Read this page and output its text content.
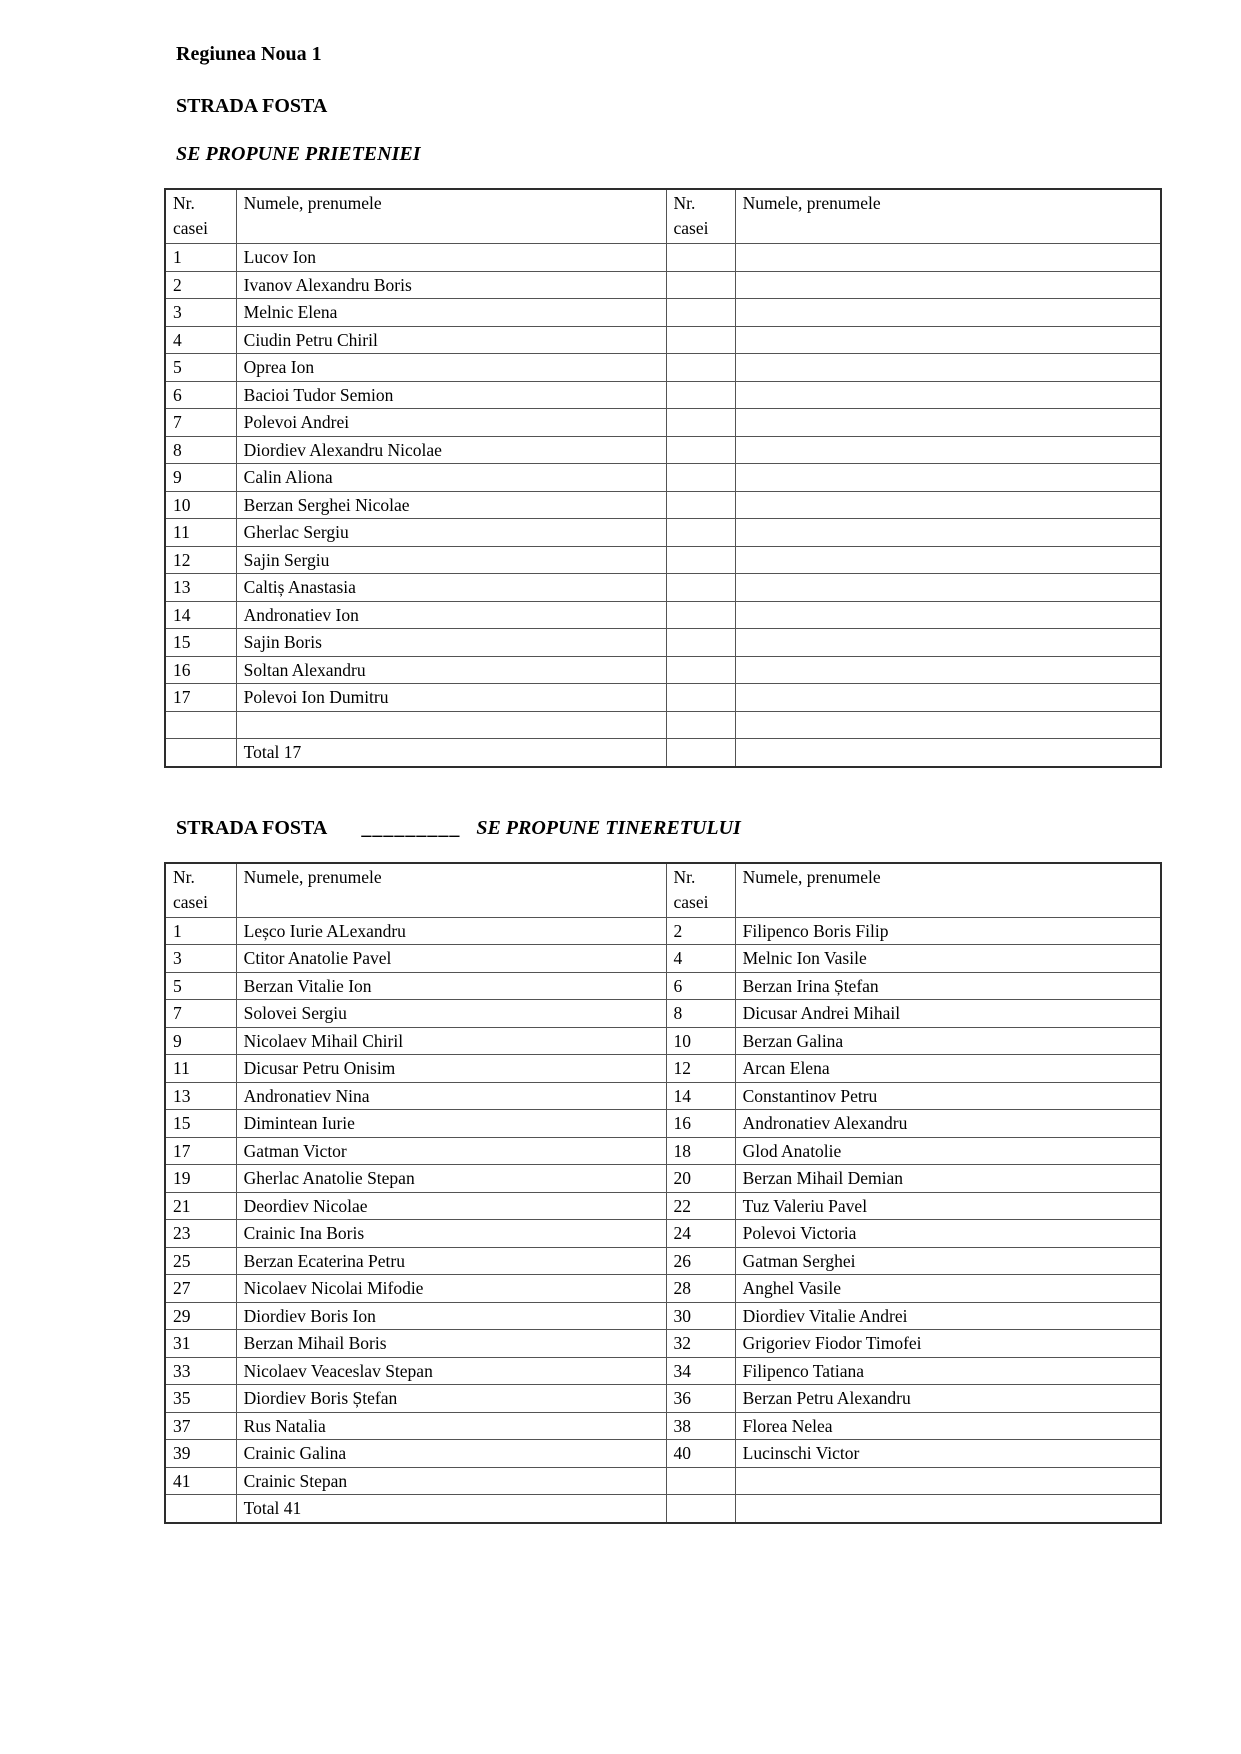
Regiunea Noua 1
STRADA FOSTA
SE PROPUNE PRIETENIEI
Nr. casei	Numele, prenumele	Nr. casei	Numele, prenumele
1	Lucov Ion		
2	Ivanov Alexandru Boris		
3	Melnic Elena		
4	Ciudin Petru Chiril		
5	Oprea Ion		
6	Bacioi Tudor Semion		
7	Polevoi Andrei		
8	Diordiev Alexandru Nicolae		
9	Calin Aliona		
10	Berzan Serghei Nicolae		
11	Gherlac Sergiu		
12	Sajin Sergiu		
13	Caltiș Anastasia		
14	Andronatiev Ion		
15	Sajin Boris		
16	Soltan Alexandru		
17	Polevoi Ion Dumitru		

	Total 17		
STRADA FOSTA _________ SE PROPUNE TINERETULUI
Nr. casei	Numele, prenumele	Nr. casei	Numele, prenumele
1	Leșco Iurie ALexandru	2	Filipenco Boris Filip
3	Ctitor Anatolie Pavel	4	Melnic Ion Vasile
5	Berzan Vitalie Ion	6	Berzan Irina Ștefan
7	Solovei Sergiu	8	Dicusar Andrei Mihail
9	Nicolaev Mihail Chiril	10	Berzan Galina
11	Dicusar Petru Onisim	12	Arcan Elena
13	Andronatiev Nina	14	Constantinov Petru
15	Dimintean Iurie	16	Andronatiev Alexandru
17	Gatman Victor	18	Glod Anatolie
19	Gherlac Anatolie Stepan	20	Berzan Mihail Demian
21	Deordiev Nicolae	22	Tuz Valeriu Pavel
23	Crainic Ina Boris	24	Polevoi Victoria
25	Berzan Ecaterina Petru	26	Gatman Serghei
27	Nicolaev Nicolai Mifodie	28	Anghel Vasile
29	Diordiev Boris Ion	30	Diordiev Vitalie Andrei
31	Berzan Mihail Boris	32	Grigoriev Fiodor Timofei
33	Nicolaev Veaceslav Stepan	34	Filipenco Tatiana
35	Diordiev Boris Ștefan	36	Berzan Petru Alexandru
37	Rus Natalia	38	Florea Nelea
39	Crainic Galina	40	Lucinschi Victor
41	Crainic Stepan		
	Total 41		
